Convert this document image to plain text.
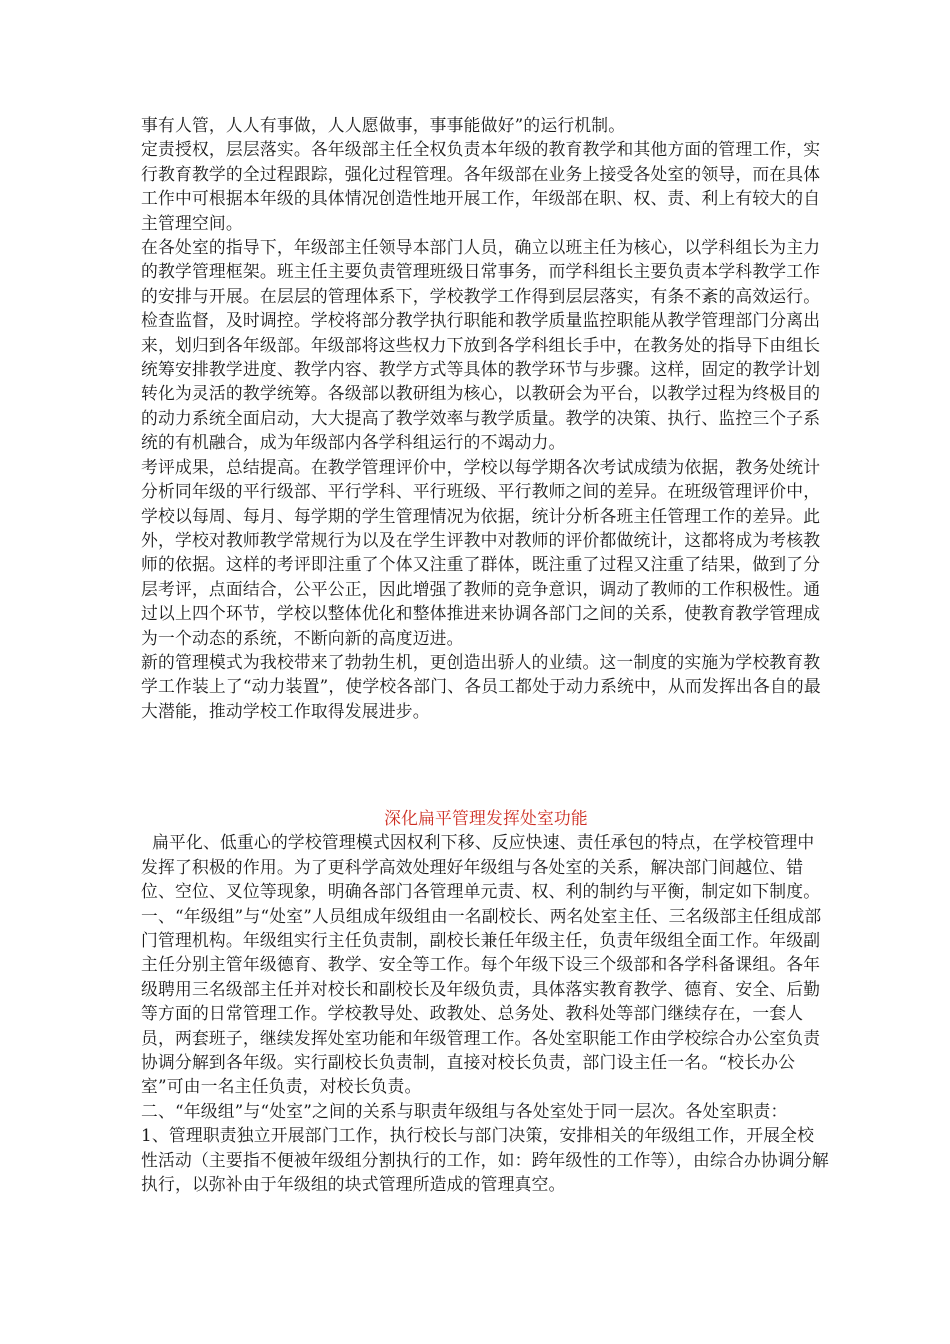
事有人管，人人有事做，人人愿做事，事事能做好”的运行机制。

定责授权，层层落实。各年级部主任全权负责本年级的教育教学和其他方面的管理工作，实行教育教学的全过程跟踪，强化过程管理。各年级部在业务上接受各处室的领导，而在具体工作中可根据本年级的具体情况创造性地开展工作，年级部在职、权、责、利上有较大的自主管理空间。

在各处室的指导下，年级部主任领导本部门人员，确立以班主任为核心，以学科组长为主力的教学管理框架。班主任主要负责管理班级日常事务，而学科组长主要负责本学科教学工作的安排与开展。在层层的管理体系下，学校教学工作得到层层落实，有条不紊的高效运行。检查监督，及时调控。学校将部分教学执行职能和教学质量监控职能从教学管理部门分离出来，划归到各年级部。年级部将这些权力下放到各学科组长手中，在教务处的指导下由组长统筹安排教学进度、教学内容、教学方式等具体的教学环节与步骤。这样，固定的教学计划转化为灵活的教学统筹。各级部以教研组为核心，以教研会为平台，以教学过程为终极目的的动力系统全面启动，大大提高了教学效率与教学质量。教学的决策、执行、监控三个子系统的有机融合，成为年级部内各学科组运行的不竭动力。

考评成果，总结提高。在教学管理评价中，学校以每学期各次考试成绩为依据，教务处统计分析同年级的平行级部、平行学科、平行班级、平行教师之间的差异。在班级管理评价中，学校以每周、每月、每学期的学生管理情况为依据，统计分析各班主任管理工作的差异。此外，学校对教师教学常规行为以及在学生评教中对教师的评价都做统计，这都将成为考核教师的依据。这样的考评即注重了个体又注重了群体，既注重了过程又注重了结果，做到了分层考评，点面结合，公平公正，因此增强了教师的竞争意识，调动了教师的工作积极性。通过以上四个环节，学校以整体优化和整体推进来协调各部门之间的关系，使教育教学管理成为一个动态的系统，不断向新的高度迈进。

新的管理模式为我校带来了勃勃生机，更创造出骄人的业绩。这一制度的实施为学校教育教学工作装上了“动力装置”，使学校各部门、各员工都处于动力系统中，从而发挥出各自的最大潜能，推动学校工作取得发展进步。

深化扁平管理发挥处室功能

扁平化、低重心的学校管理模式因权利下移、反应快速、责任承包的特点，在学校管理中发挥了积极的作用。为了更科学高效处理好年级组与各处室的关系，解决部门间越位、错位、空位、叉位等现象，明确各部门各管理单元责、权、利的制约与平衡，制定如下制度。

一、“年级组”与“处室”人员组成年级组由一名副校长、两名处室主任、三名级部主任组成部门管理机构。年级组实行主任负责制，副校长兼任年级主任，负责年级组全面工作。年级副主任分别主管年级德育、教学、安全等工作。每个年级下设三个级部和各学科备课组。各年级聘用三名级部主任并对校长和副校长及年级负责，具体落实教育教学、德育、安全、后勤等方面的日常管理工作。学校教导处、政教处、总务处、教科处等部门继续存在，一套人员，两套班子，继续发挥处室功能和年级管理工作。各处室职能工作由学校综合办公室负责协调分解到各年级。实行副校长负责制，直接对校长负责，部门设主任一名。“校长办公室”可由一名主任负责，对校长负责。

二、“年级组”与“处室”之间的关系与职责年级组与各处室处于同一层次。各处室职责：

1、管理职责独立开展部门工作，执行校长与部门决策，安排相关的年级组工作，开展全校性活动（主要指不便被年级组分割执行的工作，如：跨年级性的工作等），由综合办协调分解执行，以弥补由于年级组的块式管理所造成的管理真空。
